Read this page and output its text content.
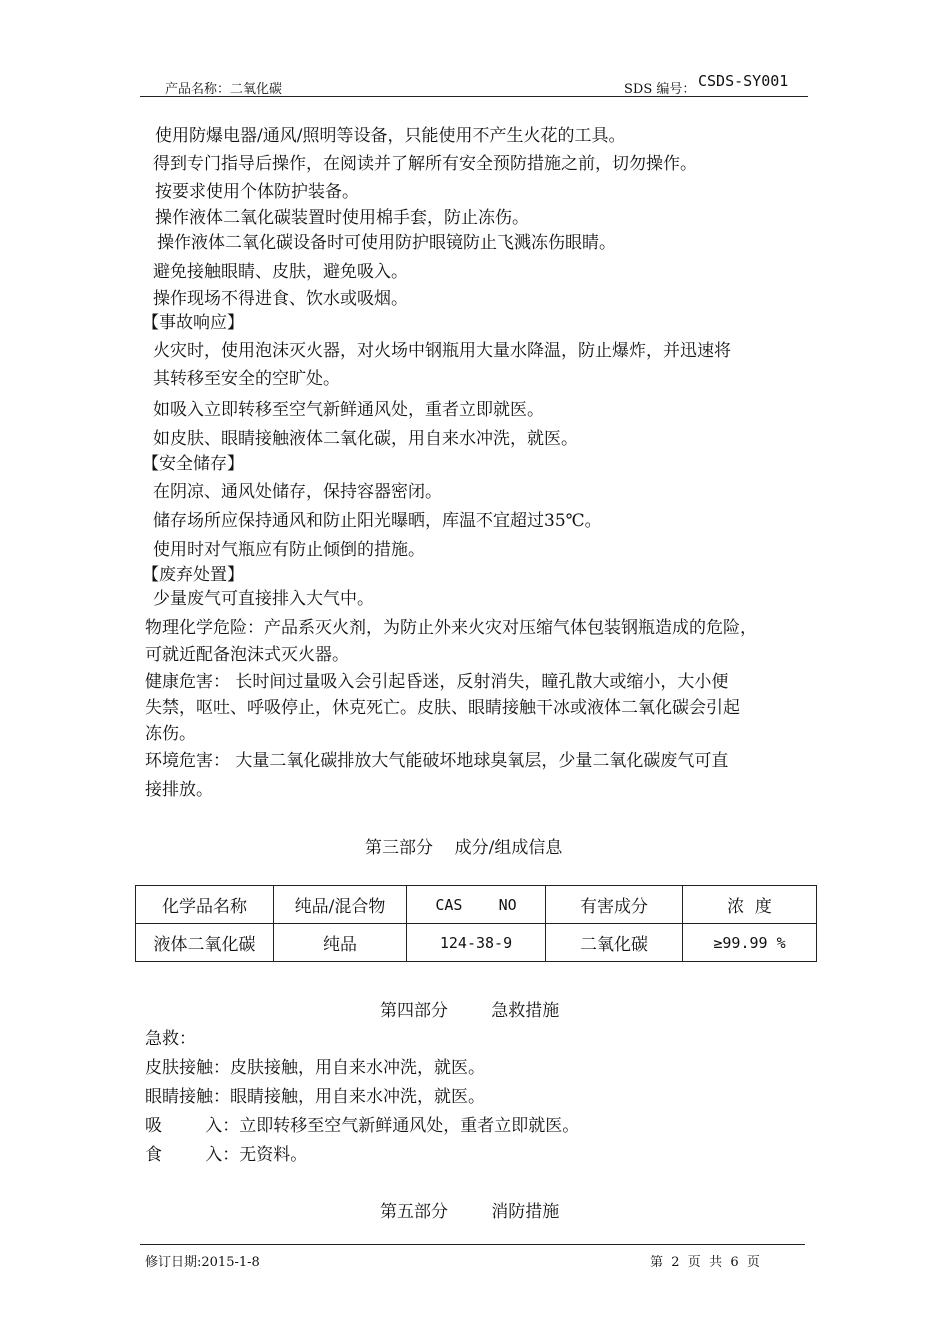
产品名称：二氧化碳	SDS 编号： CSDS-SY001
使用防爆电器/通风/照明等设备，只能使用不产生火花的工具。
得到专门指导后操作，在阅读并了解所有安全预防措施之前，切勿操作。
按要求使用个体防护装备。
操作液体二氧化碳装置时使用棉手套，防止冻伤。
操作液体二氧化碳设备时可使用防护眼镜防止飞溅冻伤眼睛。
避免接触眼睛、皮肤，避免吸入。
操作现场不得进食、饮水或吸烟。
【事故响应】
火灾时，使用泡沫灭火器，对火场中钢瓶用大量水降温，防止爆炸，并迅速将
其转移至安全的空旷处。
如吸入立即转移至空气新鲜通风处，重者立即就医。
如皮肤、眼睛接触液体二氧化碳，用自来水冲洗，就医。
【安全储存】
在阴凉、通风处储存，保持容器密闭。
储存场所应保持通风和防止阳光曝晒，库温不宜超过35℃。
使用时对气瓶应有防止倾倒的措施。
【废弃处置】
少量废气可直接排入大气中。
物理化学危险：产品系灭火剂，为防止外来火灾对压缩气体包装钢瓶造成的危险，
可就近配备泡沫式灭火器。
健康危害： 长时间过量吸入会引起昏迷，反射消失，瞳孔散大或缩小，大小便
失禁，呕吐、呼吸停止，休克死亡。皮肤、眼睛接触干冰或液体二氧化碳会引起
冻伤。
环境危害： 大量二氧化碳排放大气能破坏地球臭氧层，少量二氧化碳废气可直
接排放。
第三部分    成分/组成信息
化学品名称	纯品/混合物	CAS    NO	有害成分	浓  度
液体二氧化碳	纯品	124-38-9	二氧化碳	≥99.99 %
第四部分        急救措施
急救：
皮肤接触：皮肤接触，用自来水冲洗，就医。
眼睛接触：眼睛接触，用自来水冲洗，就医。
吸        入：立即转移至空气新鲜通风处，重者立即就医。
食        入：无资料。
第五部分        消防措施
修订日期:2015-1-8	第  2  页  共  6  页
